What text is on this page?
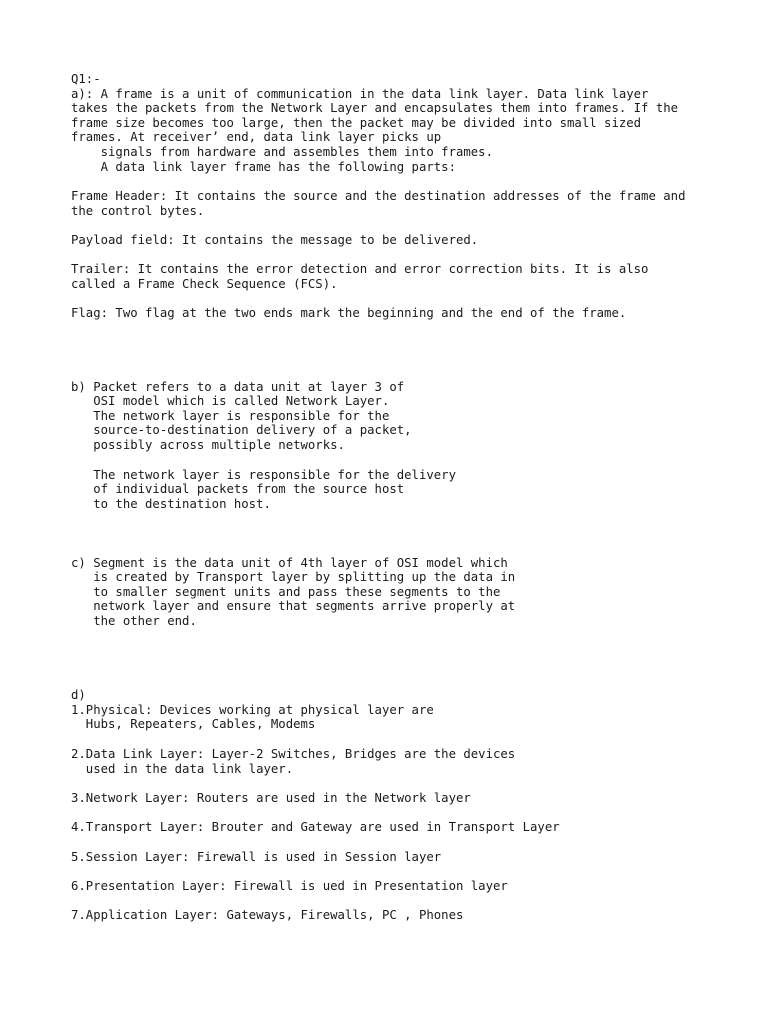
Q1:-

a): A frame is a unit of communication in the data link layer. Data link layer

takes the packets from the Network Layer and encapsulates them into frames. If the

frame size becomes too large, then the packet may be divided into small sized

frames. At receiver’ end, data link layer picks up

signals from hardware and assembles them into frames.

A data link layer frame has the following parts:

Frame Header: It contains the source and the destination addresses of the frame and

the control bytes.

Payload field: It contains the message to be delivered.

Trailer: It contains the error detection and error correction bits. It is also

called a Frame Check Sequence (FCS).

Flag: Two flag at the two ends mark the beginning and the end of the frame.

b) Packet refers to a data unit at layer 3 of

OSI model which is called Network Layer.

The network layer is responsible for the

source-to-destination delivery of a packet,

possibly across multiple networks.

The network layer is responsible for the delivery

of individual packets from the source host

to the destination host.

c) Segment is the data unit of 4th layer of OSI model which

is created by Transport layer by splitting up the data in

to smaller segment units and pass these segments to the

network layer and ensure that segments arrive properly at

the other end.

d)

1.Physical: Devices working at physical layer are

Hubs, Repeaters, Cables, Modems

2.Data Link Layer: Layer-2 Switches, Bridges are the devices

used in the data link layer.

3.Network Layer: Routers are used in the Network layer

4.Transport Layer: Brouter and Gateway are used in Transport Layer

5.Session Layer: Firewall is used in Session layer

6.Presentation Layer: Firewall is ued in Presentation layer

7.Application Layer: Gateways, Firewalls, PC , Phones
